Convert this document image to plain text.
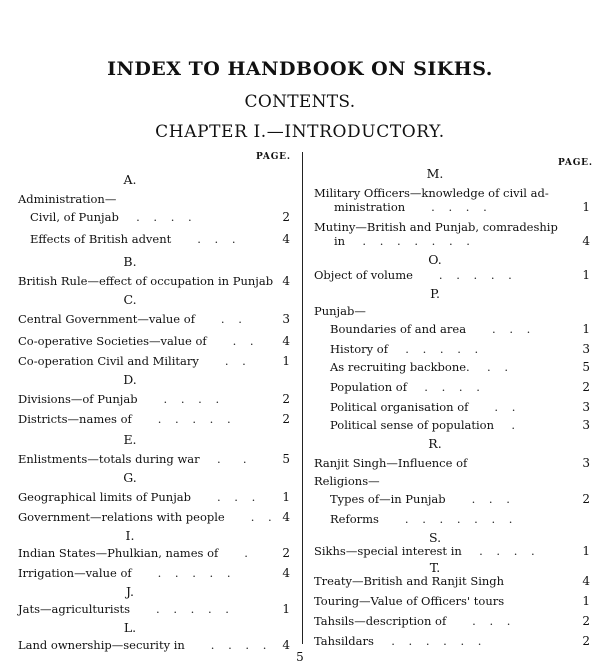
INDEX TO HANDBOOK ON SIKHS.
CONTENTS.
CHAPTER I.—INTRODUCTORY.
PAGE.
A.
Administration—
Civil, of Punjab  . . . .	2
Effects of British advent   . . .	4
B.
British Rule—effect of occupation in Punjab 4
C.
Central Government—value of   . .	3
Co-operative Societies—value of   . .	4
Co-operation Civil and Military   . .	1
D.
Divisions—of Punjab   . . . .	2
Districts—names of   . . . . .	2
E.
Enlistments—totals during war  .  .	5
G.
Geographical limits of Punjab   . . .	1
Government—relations with people   . . 4
I.
Indian States—Phulkian, names of   .	2
Irrigation—value of   . . . . .	4
J.
Jats—agriculturists   . . . . .	1
L.
Land ownership—security in   . . . . 4
PAGE.
M.
Military Officers—knowledge of civil ad-
ministration   . . . .	1
Mutiny—British and Punjab, comradeship
in  . . . . . . .	4
O.
Object of volume   . . . . .	1
P.
Punjab—
Boundaries of and area   . . .	1
History of  . . . . .	3
As recruiting backbone.  . .	5
Population of  . . . .	2
Political organisation of   . .	3
Political sense of population  .	3
R.
Ranjit Singh—Influence of	3
Religions—
Types of—in Punjab   . . .	2
Reforms   . . . . . . .
S.
Sikhs—special interest in  . . . .	1
T.
Treaty—British and Ranjit Singh	4
Touring—Value of Officers' tours	1
Tahsils—description of   . . .	2
Tahsildars  . . . . . .	2
5
